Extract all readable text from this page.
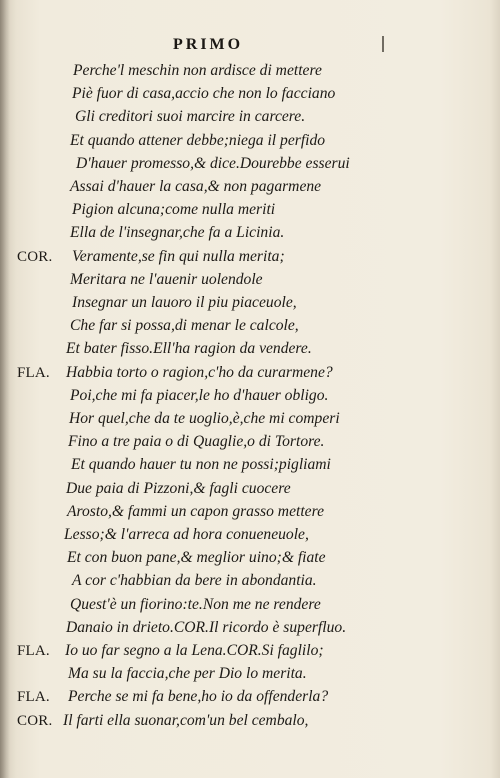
PRIMO
Perche'l meschin non ardisce di mettere
Piè fuor di casa,accio che non lo facciano
Gli creditori suoi marcire in carcere.
Et quando attener debbe;niega il perfido
D'hauer promesso,& dice.Dourebbe esserui
Assai d'hauer la casa,& non pagarmene
Pigion alcuna;come nulla meriti
Ella de l'insegnar,che fa a Licinia.
COR. Veramente,se fin qui nulla merita;
Meritara ne l'auenir uolendole
Insegnar un lauoro il piu piaceuole,
Che far si possa,di menar le calcole,
Et bater fisso.Ell'ha ragion da vendere.
FLA. Habbia torto o ragion,c'ho da curarmene?
Poi,che mi fa piacer,le ho d'hauer obligo.
Hor quel,che da te uoglio,è,che mi comperi
Fino a tre paia o di Quaglie,o di Tortore.
Et quando hauer tu non ne possi;pigliami
Due paia di Pizzoni,& fagli cuocere
Arosto,& fammi un capon grasso mettere
Lesso;& l'arreca ad hora conueneuole,
Et con buon pane,& meglior uino;& fiate
A cor c'habbian da bere in abondantia.
Quest'è un fiorino:te.Non me ne rendere
Danaio in drieto.COR.Il ricordo è superfluo.
FLA. Io uo far segno a la Lena.COR.Si faglilo;
Ma su la faccia,che per Dio lo merita.
FLA. Perche se mi fa bene,ho io da offenderla?
COR. Il farti ella suonar,com'un bel cembalo,
